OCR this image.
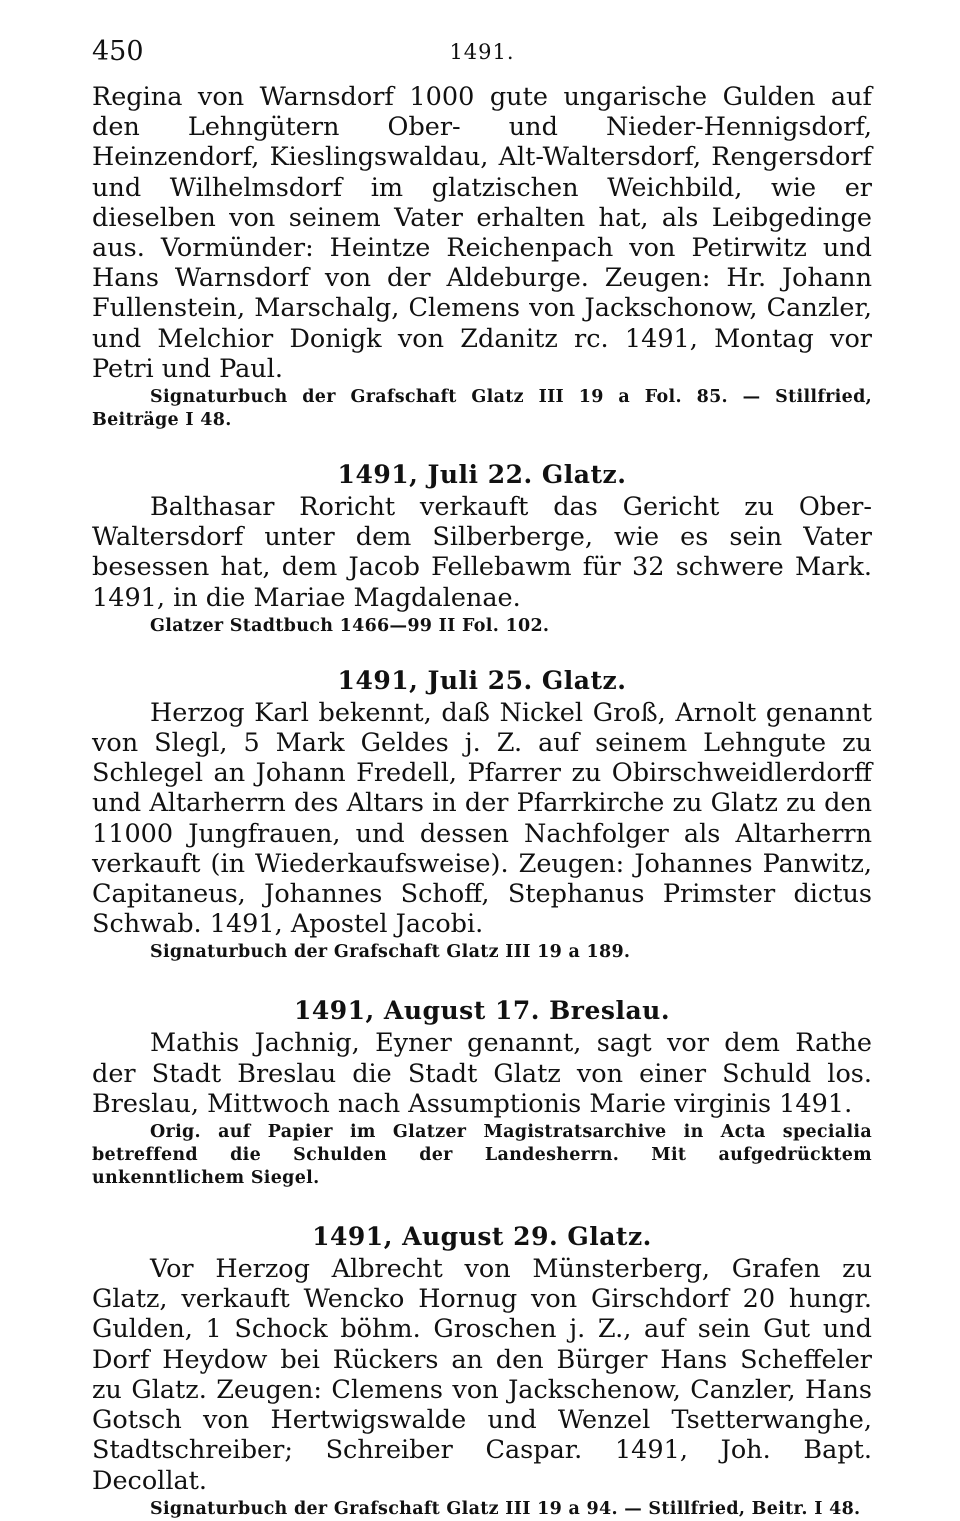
450	1491.

Regina von Warnsdorf 1000 gute ungarische Gulden auf den Lehngütern Ober- und Nieder-Hennigsdorf, Heinzendorf, Kieslingswaldau, Alt-Waltersdorf, Rengersdorf und Wilhelmsdorf im glatzischen Weichbild, wie er dieselben von seinem Vater erhalten hat, als Leibgedinge aus. Vormünder: Heintze Reichenpach von Petirwitz und Hans Warnsdorf von der Aldeburge. Zeugen: Hr. Johann Fullenstein, Marschalg, Clemens von Jackschonow, Canzler, und Melchior Donigk von Zdanitz rc. 1491, Montag vor Petri und Paul.

Signaturbuch der Grafschaft Glatz III 19 a Fol. 85. — Stillfried, Beiträge I 48.

1491, Juli 22. Glatz.

Balthasar Roricht verkauft das Gericht zu Ober-Waltersdorf unter dem Silberberge, wie es sein Vater besessen hat, dem Jacob Fellebawm für 32 schwere Mark. 1491, in die Mariae Magdalenae.

Glatzer Stadtbuch 1466—99 II Fol. 102.

1491, Juli 25. Glatz.

Herzog Karl bekennt, daß Nickel Groß, Arnolt genannt von Slegl, 5 Mark Geldes j. Z. auf seinem Lehngute zu Schlegel an Johann Fredell, Pfarrer zu Obirschweidlerdorff und Altarherrn des Altars in der Pfarrkirche zu Glatz zu den 11000 Jungfrauen, und dessen Nachfolger als Altarherrn verkauft (in Wiederkaufsweise). Zeugen: Johannes Panwitz, Capitaneus, Johannes Schoff, Stephanus Primster dictus Schwab. 1491, Apostel Jacobi.

Signaturbuch der Grafschaft Glatz III 19 a 189.

1491, August 17. Breslau.

Mathis Jachnig, Eyner genannt, sagt vor dem Rathe der Stadt Breslau die Stadt Glatz von einer Schuld los. Breslau, Mittwoch nach Assumptionis Marie virginis 1491.

Orig. auf Papier im Glatzer Magistratsarchive in Acta specialia betreffend die Schulden der Landesherrn. Mit aufgedrücktem unkenntlichem Siegel.

1491, August 29. Glatz.

Vor Herzog Albrecht von Münsterberg, Grafen zu Glatz, verkauft Wencko Hornug von Girschdorf 20 hungr. Gulden, 1 Schock böhm. Groschen j. Z., auf sein Gut und Dorf Heydow bei Rückers an den Bürger Hans Scheffeler zu Glatz. Zeugen: Clemens von Jackschenow, Canzler, Hans Gotsch von Hertwigswalde und Wenzel Tsetterwanghe, Stadtschreiber; Schreiber Caspar. 1491, Joh. Bapt. Decollat.

Signaturbuch der Grafschaft Glatz III 19 a 94. — Stillfried, Beitr. I 48.
